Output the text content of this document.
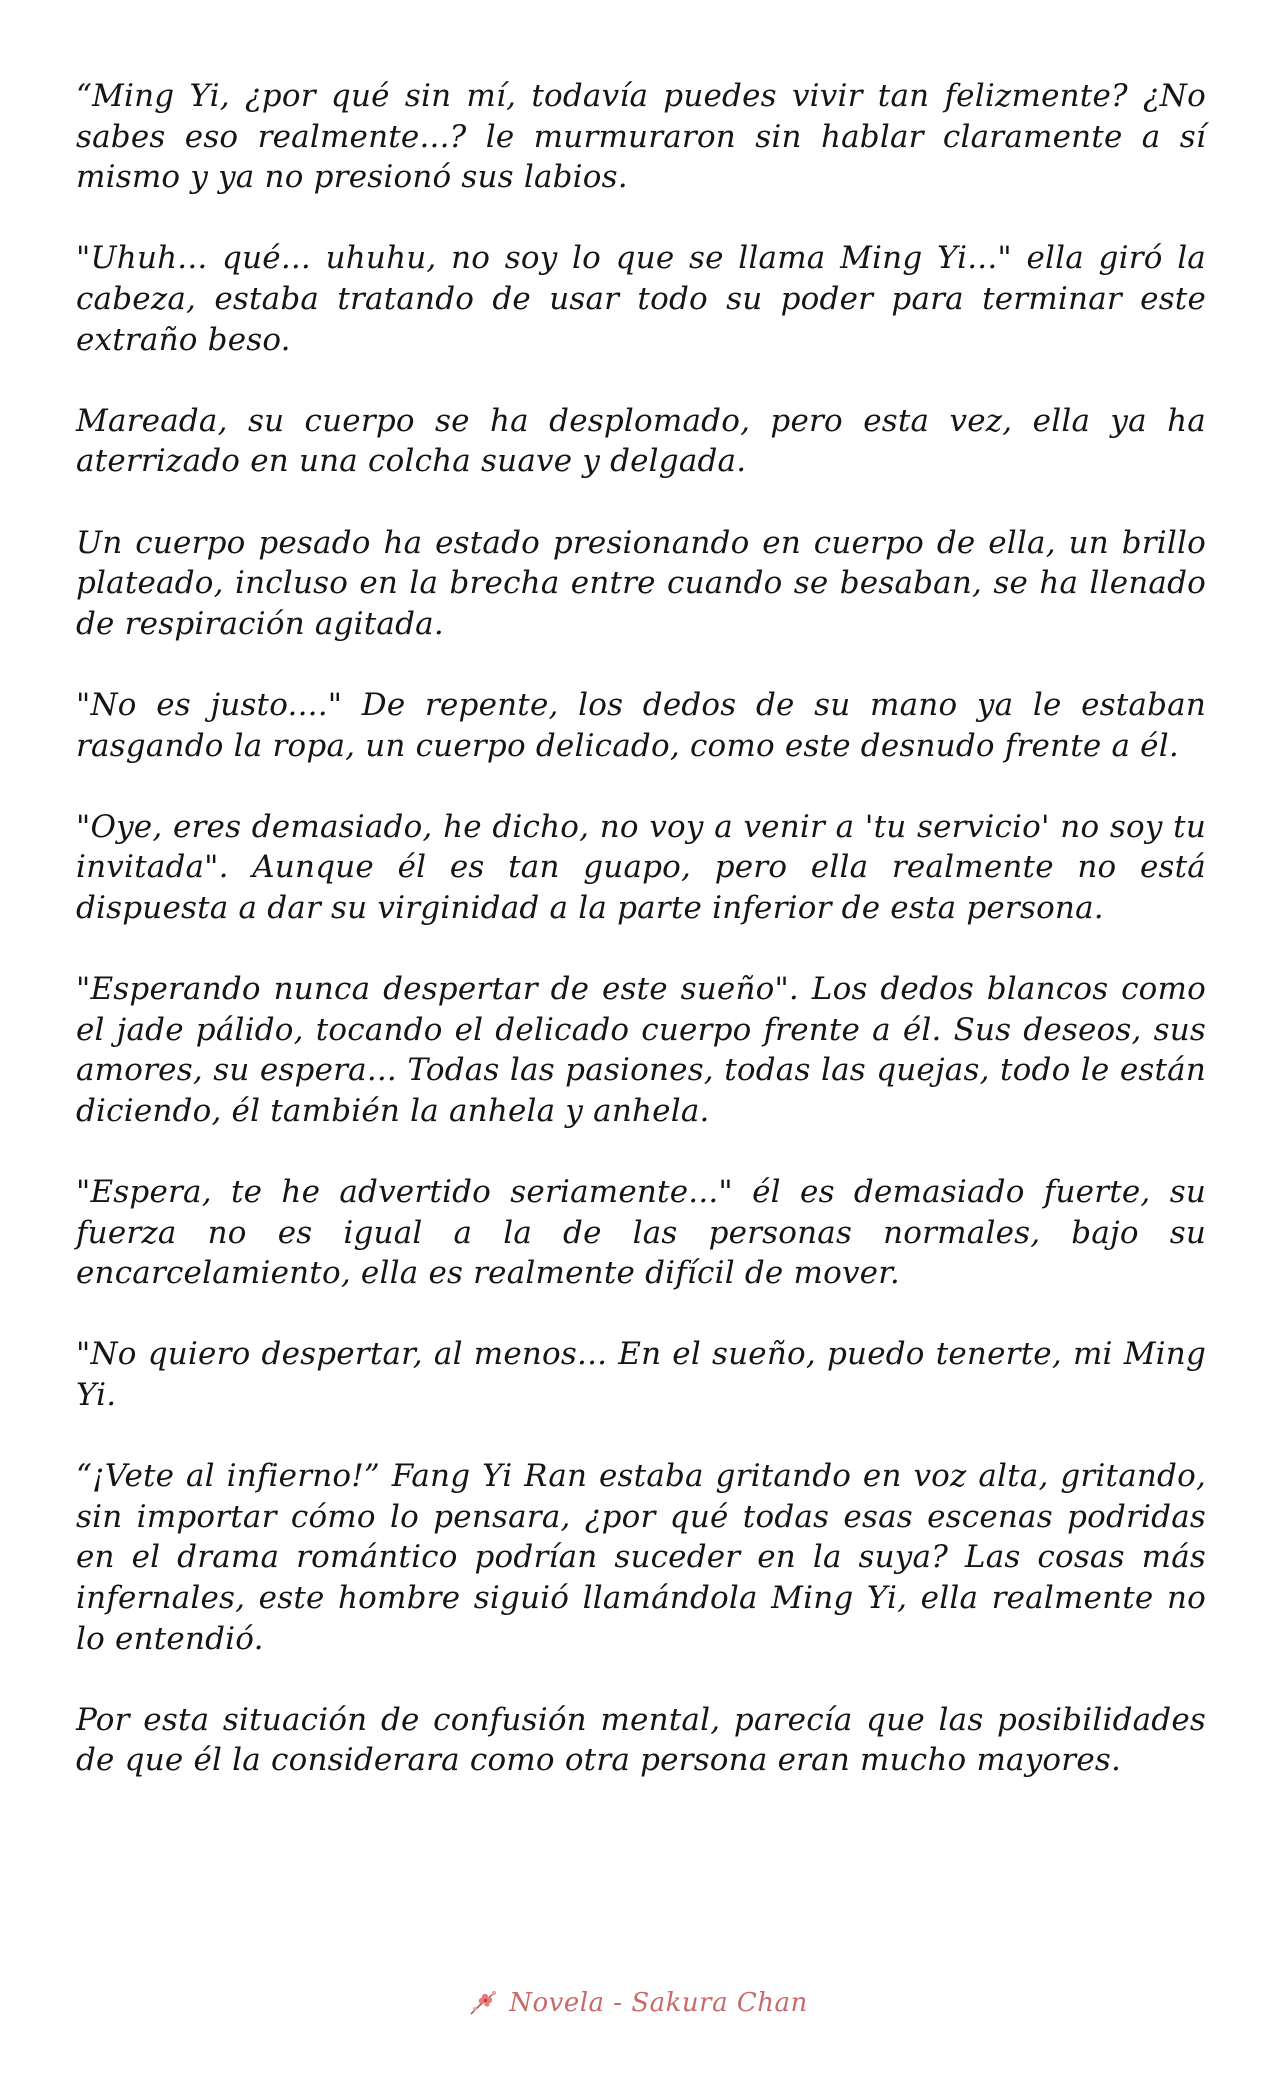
“Ming Yi, ¿por qué sin mí, todavía puedes vivir tan felizmente? ¿No sabes eso realmente...? le murmuraron sin hablar claramente a sí mismo y ya no presionó sus labios.

"Uhuh... qué... uhuhu, no soy lo que se llama Ming Yi..." ella giró la cabeza, estaba tratando de usar todo su poder para terminar este extraño beso.

Mareada, su cuerpo se ha desplomado, pero esta vez, ella ya ha aterrizado en una colcha suave y delgada.

Un cuerpo pesado ha estado presionando en cuerpo de ella, un brillo plateado, incluso en la brecha entre cuando se besaban, se ha llenado de respiración agitada.

"No es justo...." De repente, los dedos de su mano ya le estaban rasgando la ropa, un cuerpo delicado, como este desnudo frente a él.

"Oye, eres demasiado, he dicho, no voy a venir a 'tu servicio' no soy tu invitada". Aunque él es tan guapo, pero ella realmente no está dispuesta a dar su virginidad a la parte inferior de esta persona.

"Esperando nunca despertar de este sueño". Los dedos blancos como el jade pálido, tocando el delicado cuerpo frente a él. Sus deseos, sus amores, su espera... Todas las pasiones, todas las quejas, todo le están diciendo, él también la anhela y anhela.

"Espera, te he advertido seriamente..." él es demasiado fuerte, su fuerza no es igual a la de las personas normales, bajo su encarcelamiento, ella es realmente difícil de mover.

"No quiero despertar, al menos... En el sueño, puedo tenerte, mi Ming Yi.

“¡Vete al infierno!” Fang Yi Ran estaba gritando en voz alta, gritando, sin importar cómo lo pensara, ¿por qué todas esas escenas podridas en el drama romántico podrían suceder en la suya? Las cosas más infernales, este hombre siguió llamándola Ming Yi, ella realmente no lo entendió.

Por esta situación de confusión mental, parecía que las posibilidades de que él la considerara como otra persona eran mucho mayores.

Novela - Sakura Chan
